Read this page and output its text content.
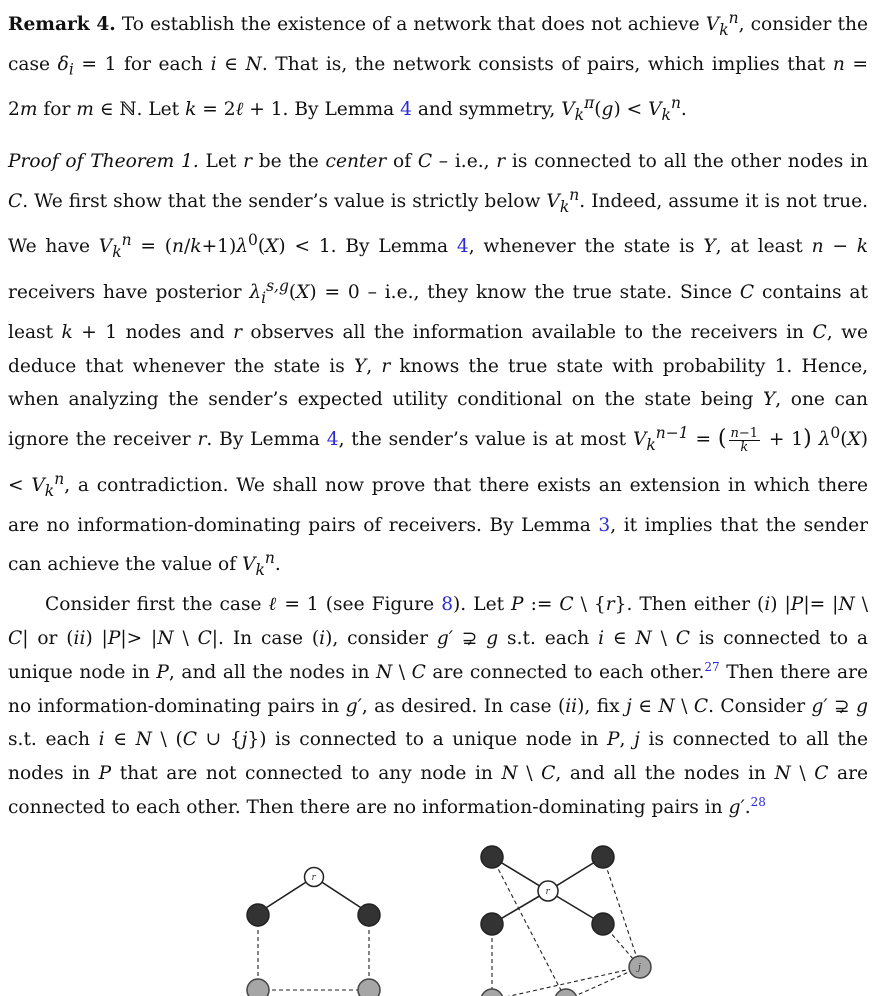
Remark 4. To establish the existence of a network that does not achieve $V_k^n$, consider the case $\delta_i = 1$ for each i ∈ N. That is, the network consists of pairs, which implies that n = 2m for m ∈ ℕ. Let k = 2ℓ + 1. By Lemma 4 and symmetry, $V_k^\pi(g) < V_k^n$.

Proof of Theorem 1. Let r be the center of C – i.e., r is connected to all the other nodes in C. We first show that the sender’s value is strictly below $V_k^n$. Indeed, assume it is not true. We have $V_k^n = (n/k+1)\lambda^0(X) < 1$. By Lemma 4, whenever the state is Y, at least n − k receivers have posterior $\lambda_i^{s,g}(X) = 0 - i.e$., they know the true state. Since C contains at least k + 1 nodes and r observes all the information available to the receivers in C, we deduce that whenever the state is Y, r knows the true state with probability 1. Hence, when analyzing the sender’s expected utility conditional on the state being Y, one can ignore the receiver r. By Lemma 4, the sender’s value is at most $V_k^{n-1}$ = ( $\frac{n-1}{k} + 1$) $\lambda^0(X) < V_k^n$, a contradiction. We shall now prove that there exists an extension in which there are no information-dominating pairs of receivers. By Lemma 3, it implies that the sender can achieve the value of $V_k^n$.

Consider first the case ℓ = 1 (see Figure 8). Let P := C \ {r}. Then either (i) |P|= |N \ C| or (ii) |P|> |N \ C|. In case (i), consider g′ ⊋ g s.t. each i ∈ N \ C is connected to a unique node in P, and all the nodes in N \ C are connected to each other.$^{27}$ Then there are no information-dominating pairs in g′, as desired. In case (ii), fix j ∈ N \ C. Consider g′ ⊋ g s.t. each i ∈ N \ (C ∪ {j}) is connected to a unique node in P, j is connected to all the nodes in P that are not connected to any node in N \ C, and all the nodes in N \ C are connected to each other. Then there are no information-dominating pairs in g′.$^{28}$

r
r
j
